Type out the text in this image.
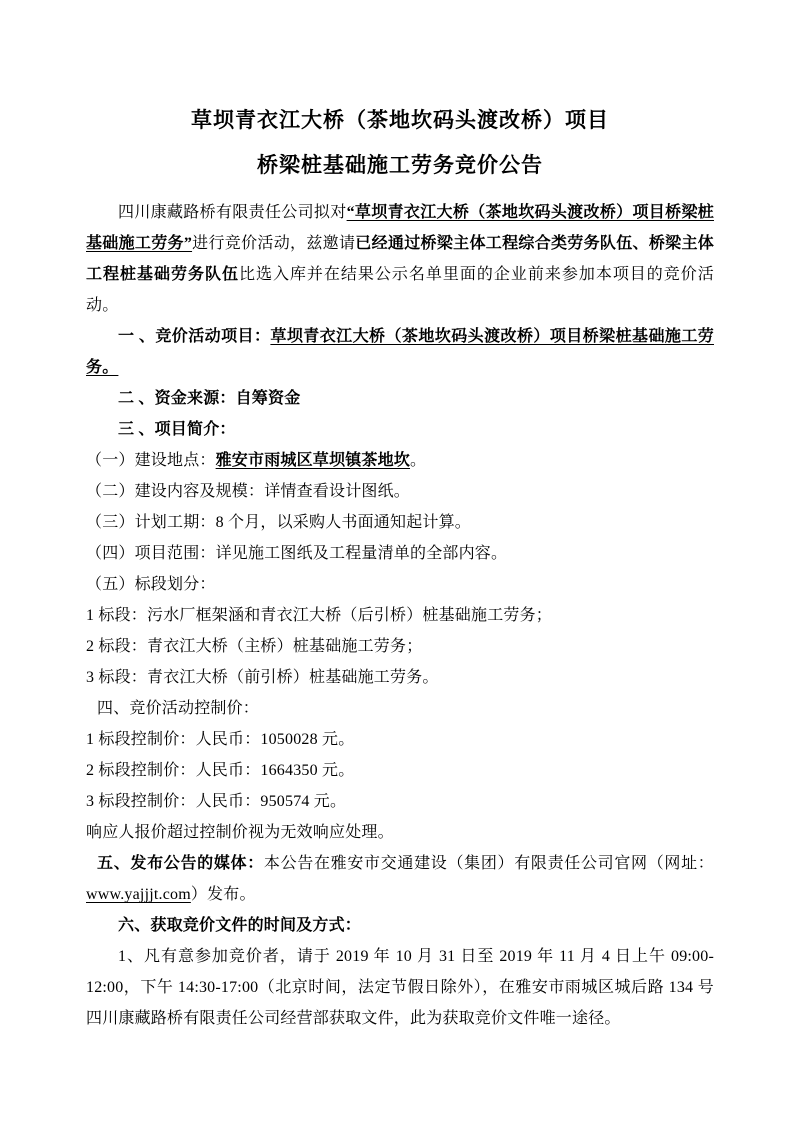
草坝青衣江大桥（茶地坎码头渡改桥）项目
桥梁桩基础施工劳务竞价公告

四川康藏路桥有限责任公司拟对“草坝青衣江大桥（茶地坎码头渡改桥）项目桥梁桩基础施工劳务”进行竞价活动，兹邀请已经通过桥梁主体工程综合类劳务队伍、桥梁主体工程桩基础劳务队伍比选入库并在结果公示名单里面的企业前来参加本项目的竞价活动。

一 、竞价活动项目：草坝青衣江大桥（茶地坎码头渡改桥）项目桥梁桩基础施工劳务。

二 、资金来源：自筹资金

三 、项目简介：

（一）建设地点：雅安市雨城区草坝镇茶地坎。

（二）建设内容及规模：详情查看设计图纸。

（三）计划工期：8 个月，以采购人书面通知起计算。

（四）项目范围：详见施工图纸及工程量清单的全部内容。

（五）标段划分：

1 标段：污水厂框架涵和青衣江大桥（后引桥）桩基础施工劳务；

2 标段：青衣江大桥（主桥）桩基础施工劳务；

3 标段：青衣江大桥（前引桥）桩基础施工劳务。

四、竞价活动控制价：

1 标段控制价：人民币：1050028 元。

2 标段控制价：人民币：1664350 元。

3 标段控制价：人民币：950574 元。

响应人报价超过控制价视为无效响应处理。

五、发布公告的媒体：本公告在雅安市交通建设（集团）有限责任公司官网（网址：www.yajjjt.com）发布。

六、获取竞价文件的时间及方式：

1、凡有意参加竞价者，请于 2019 年 10 月 31 日至 2019 年 11 月 4 日上午 09:00-12:00，下午 14:30-17:00（北京时间，法定节假日除外），在雅安市雨城区城后路 134 号四川康藏路桥有限责任公司经营部获取文件，此为获取竞价文件唯一途径。
